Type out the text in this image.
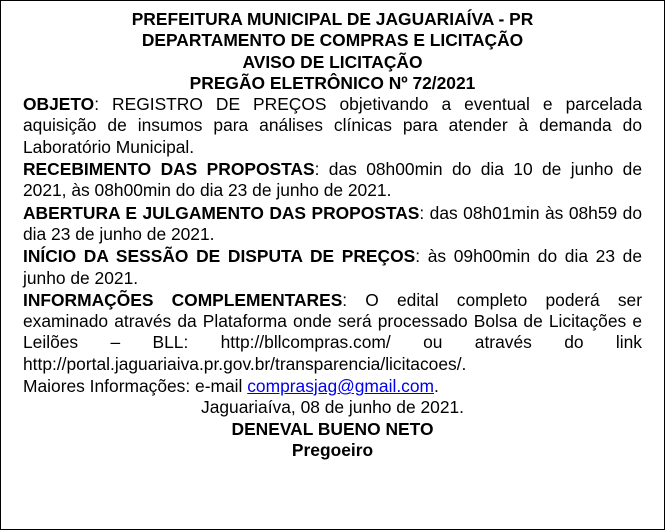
PREFEITURA MUNICIPAL DE JAGUARIAÍVA - PR
DEPARTAMENTO DE COMPRAS E LICITAÇÃO
AVISO DE LICITAÇÃO
PREGÃO ELETRÔNICO Nº 72/2021

OBJETO: REGISTRO DE PREÇOS objetivando a eventual e parcelada aquisição de insumos para análises clínicas para atender à demanda do Laboratório Municipal.

RECEBIMENTO DAS PROPOSTAS: das 08h00min do dia 10 de junho de 2021, às 08h00min do dia 23 de junho de 2021.

ABERTURA E JULGAMENTO DAS PROPOSTAS: das 08h01min às 08h59 do dia 23 de junho de 2021.

INÍCIO DA SESSÃO DE DISPUTA DE PREÇOS: às 09h00min do dia 23 de junho de 2021.

INFORMAÇÕES COMPLEMENTARES: O edital completo poderá ser examinado através da Plataforma onde será processado Bolsa de Licitações e Leilões – BLL: http://bllcompras.com/ ou através do link http://portal.jaguariaiva.pr.gov.br/transparencia/licitacoes/.

Maiores Informações: e-mail comprasjag@gmail.com.

Jaguariaíva, 08 de junho de 2021.

DENEVAL BUENO NETO

Pregoeiro
